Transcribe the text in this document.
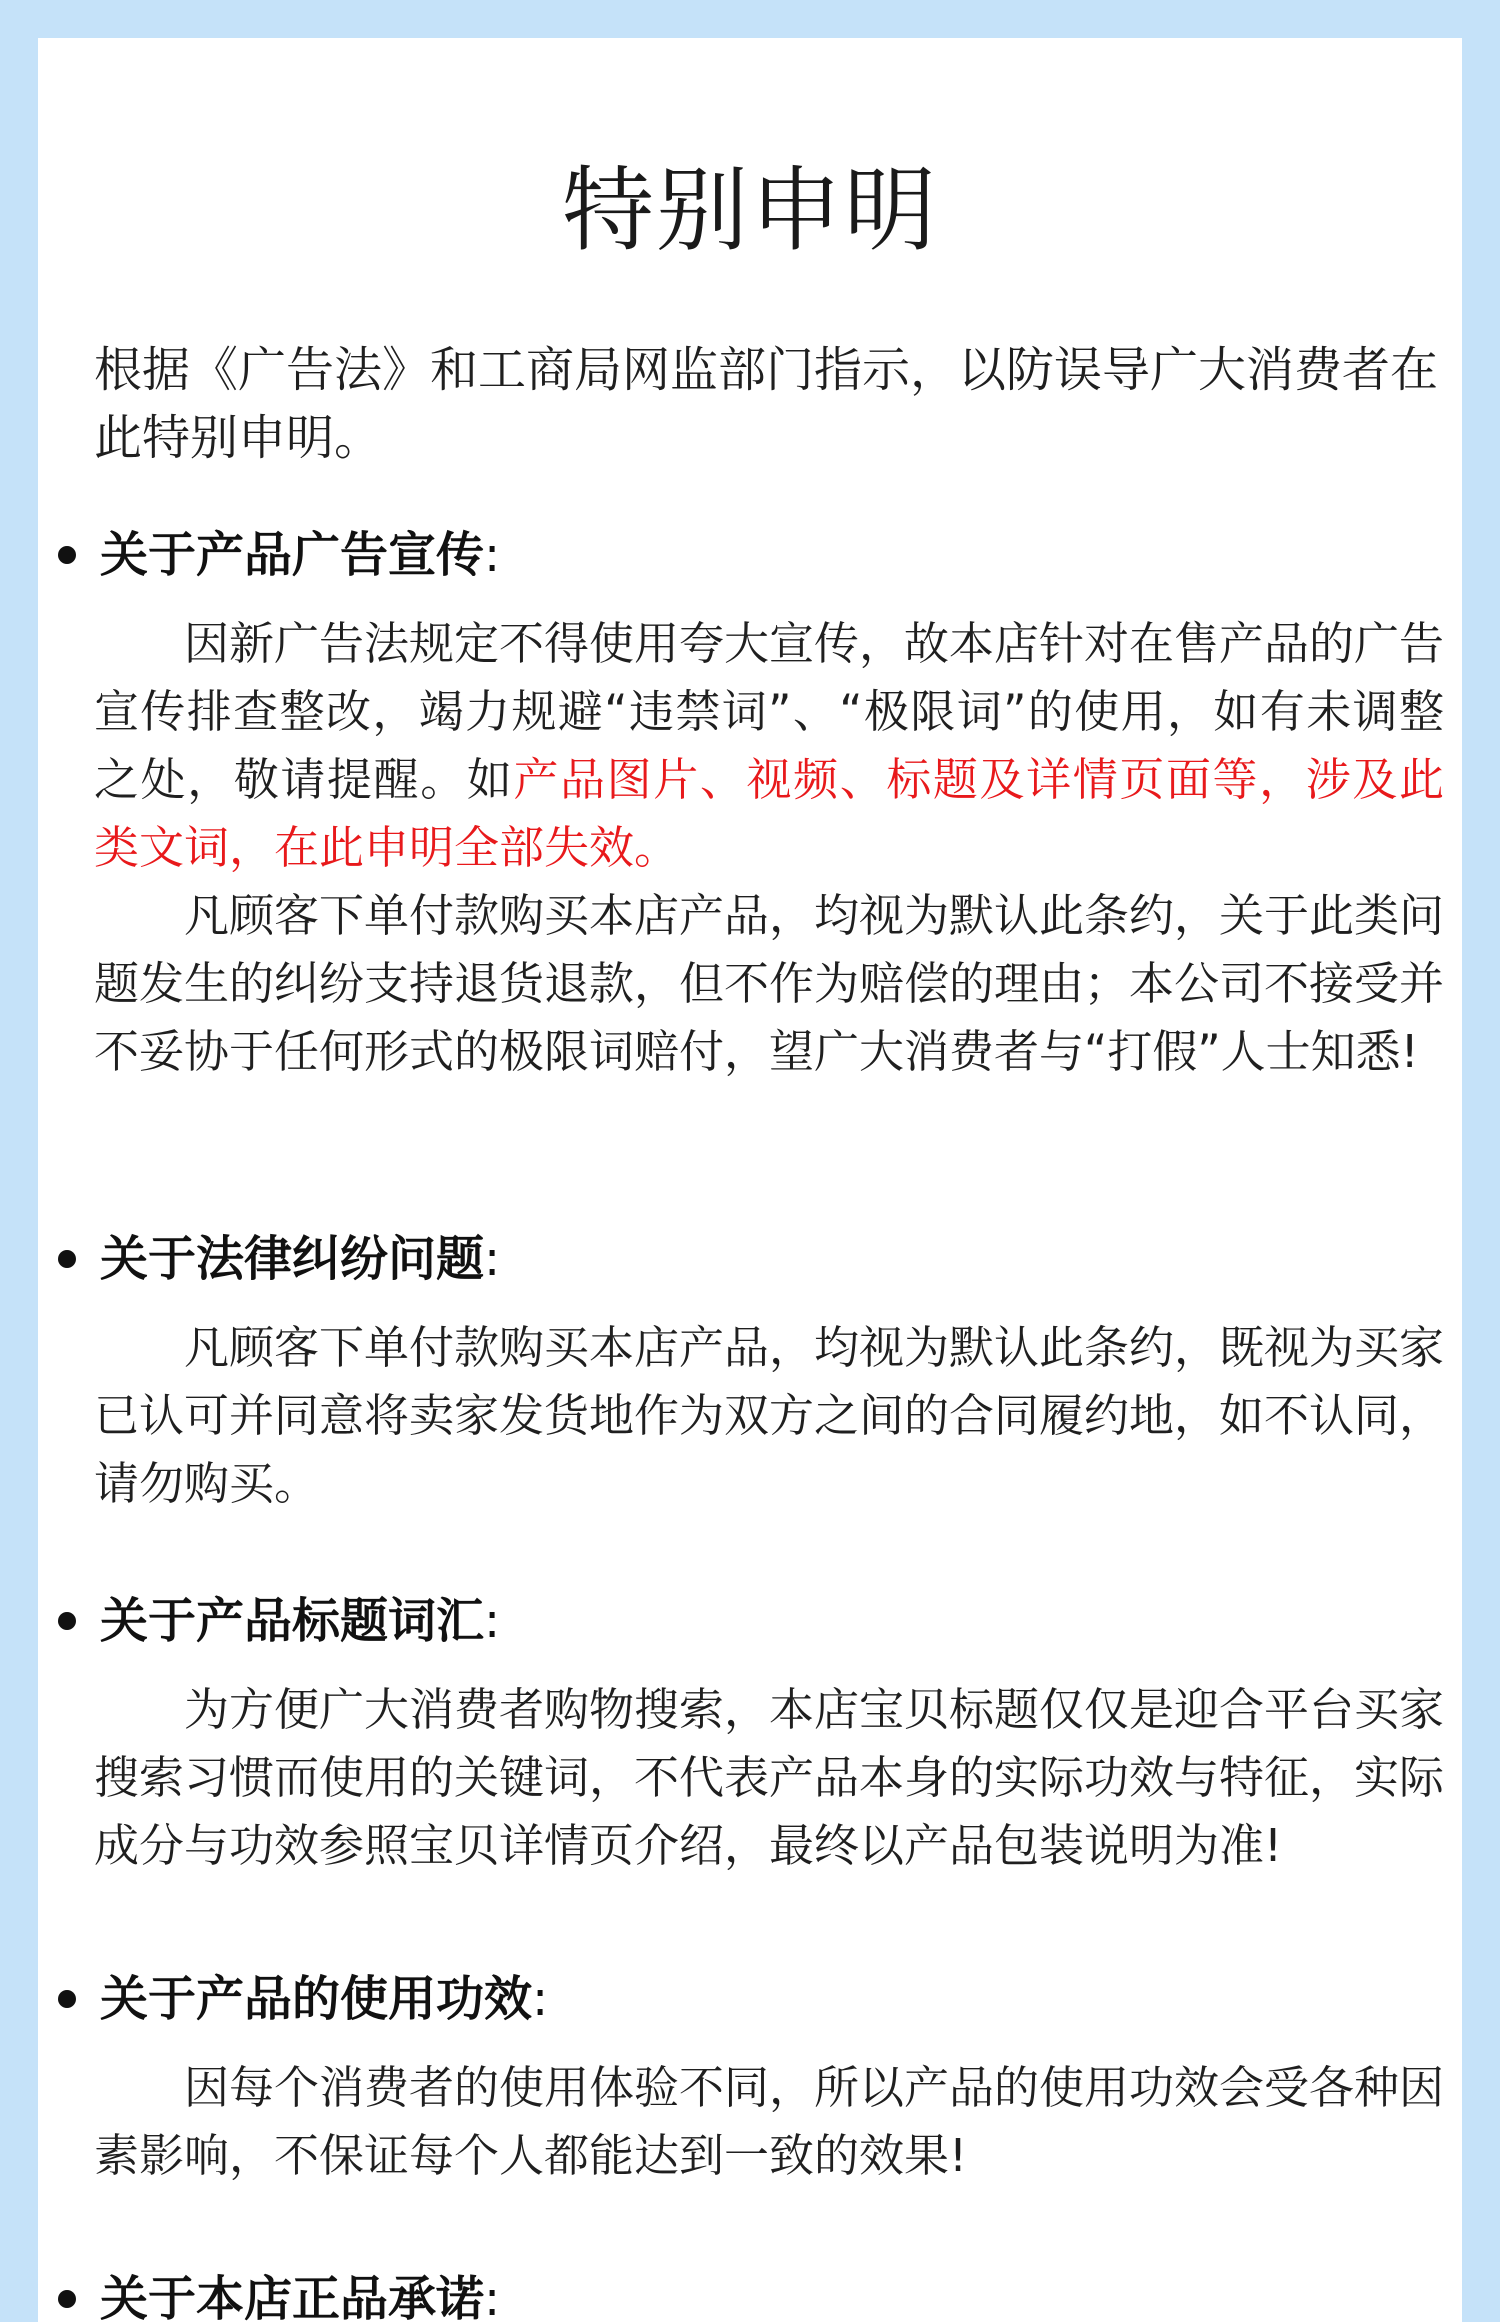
特别申明

根据《广告法》和工商局网监部门指示，以防误导广大消费者在此特别申明。

关于产品广告宣传:

因新广告法规定不得使用夸大宣传，故本店针对在售产品的广告宣传排查整改，竭力规避“违禁词”、“极限词”的使用，如有未调整之处，敬请提醒。如产品图片、视频、标题及详情页面等，涉及此类文词，在此申明全部失效。

凡顾客下单付款购买本店产品，均视为默认此条约，关于此类问题发生的纠纷支持退货退款，但不作为赔偿的理由；本公司不接受并不妥协于任何形式的极限词赔付，望广大消费者与“打假”人士知悉!

关于法律纠纷问题:

凡顾客下单付款购买本店产品，均视为默认此条约，既视为买家已认可并同意将卖家发货地作为双方之间的合同履约地，如不认同，请勿购买。

关于产品标题词汇:

为方便广大消费者购物搜索，本店宝贝标题仅仅是迎合平台买家搜索习惯而使用的关键词，不代表产品本身的实际功效与特征，实际成分与功效参照宝贝详情页介绍，最终以产品包装说明为准!

关于产品的使用功效:

因每个消费者的使用体验不同，所以产品的使用功效会受各种因素影响，不保证每个人都能达到一致的效果!

关于本店正品承诺:
